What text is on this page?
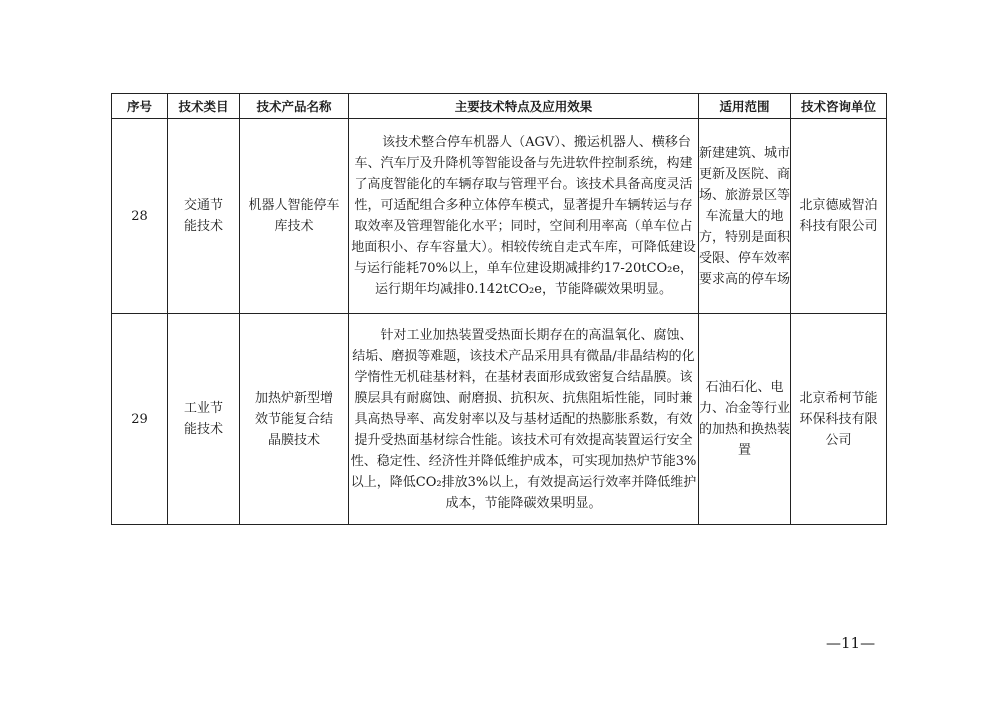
序号	技术类目	技术产品名称	主要技术特点及应用效果	适用范围	技术咨询单位
28	交通节能技术	机器人智能停车库技术	　　该技术整合停车机器人（AGV）、搬运机器人、横移台车、汽车厅及升降机等智能设备与先进软件控制系统，构建了高度智能化的车辆存取与管理平台。该技术具备高度灵活性，可适配组合多种立体停车模式，显著提升车辆转运与存取效率及管理智能化水平；同时，空间利用率高（单车位占地面积小、存车容量大）。相较传统自走式车库，可降低建设与运行能耗70%以上，单车位建设期减排约17-20tCO₂e，运行期年均减排0.142tCO₂e，节能降碳效果明显。	新建建筑、城市更新及医院、商场、旅游景区等车流量大的地方，特别是面积受限、停车效率要求高的停车场	北京德威智泊科技有限公司
29	工业节能技术	加热炉新型增效节能复合结晶膜技术	　　针对工业加热装置受热面长期存在的高温氧化、腐蚀、结垢、磨损等难题，该技术产品采用具有微晶/非晶结构的化学惰性无机硅基材料，在基材表面形成致密复合结晶膜。该膜层具有耐腐蚀、耐磨损、抗积灰、抗焦阻垢性能，同时兼具高热导率、高发射率以及与基材适配的热膨胀系数，有效提升受热面基材综合性能。该技术可有效提高装置运行安全性、稳定性、经济性并降低维护成本，可实现加热炉节能3%以上，降低CO₂排放3%以上，有效提高运行效率并降低维护成本，节能降碳效果明显。	石油石化、电力、冶金等行业的加热和换热装置	北京希柯节能环保科技有限公司
—11—
